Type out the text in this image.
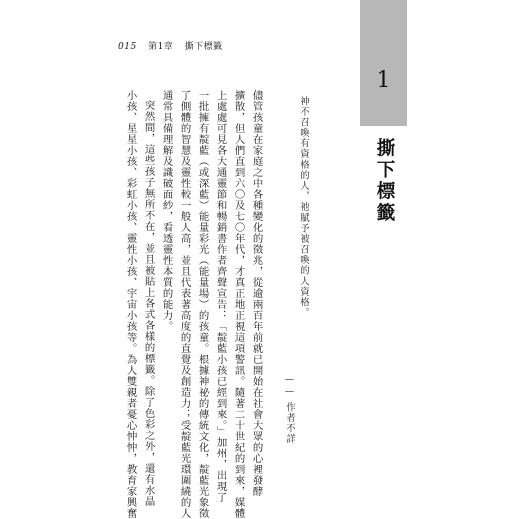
015 第1章 撕下標籤
儘管孩童在家庭之中各種變化的徵兆，從逾兩百年前就已開始在社會大眾的心裡發酵
擴散，但人們直到六〇及七〇年代，才真正地正視這項警訊。隨著二十世紀的到來，媒體
上處處可見各大通靈節和暢銷書作者齊聲宣告：「靛藍小孩已經到來。」加州，出現了
一批擁有靛藍（或深藍）能量彩光（能量場）的孩童。根據神祕的傳統文化，靛藍光象徵
了側體的智慧及靈性較一般人高，並且代表著高度的直覺及創造力；受靛藍光環圍繞的人
通常具備理解及識破面紗，看透靈性本質的能力。
突然間，這些孩子無所不在，並且被貼上各式各樣的標籤。除了色彩之外，還有水晶
小孩、星星小孩、彩虹小孩、靈性小孩、宇宙小孩等。為人雙親者憂心忡忡，教育家興奮	神不召喚有資格的人，祂賦予被召喚的人資格。
——作者不詳
1
撕下標籤
